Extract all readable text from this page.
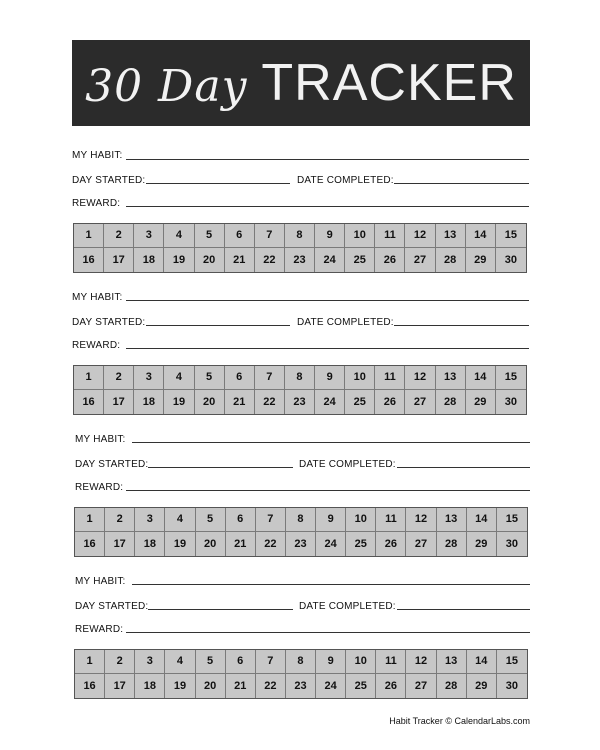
30 Day TRACKER
MY HABIT:
DAY STARTED:	DATE COMPLETED:
REWARD:
1	2	3	4	5	6	7	8	9	10	11	12	13	14	15
16	17	18	19	20	21	22	23	24	25	26	27	28	29	30
MY HABIT:
DAY STARTED:	DATE COMPLETED:
REWARD:
1	2	3	4	5	6	7	8	9	10	11	12	13	14	15
16	17	18	19	20	21	22	23	24	25	26	27	28	29	30
MY HABIT:
DAY STARTED:	DATE COMPLETED:
REWARD:
1	2	3	4	5	6	7	8	9	10	11	12	13	14	15
16	17	18	19	20	21	22	23	24	25	26	27	28	29	30
MY HABIT:
DAY STARTED:	DATE COMPLETED:
REWARD:
1	2	3	4	5	6	7	8	9	10	11	12	13	14	15
16	17	18	19	20	21	22	23	24	25	26	27	28	29	30
Habit Tracker © CalendarLabs.com
